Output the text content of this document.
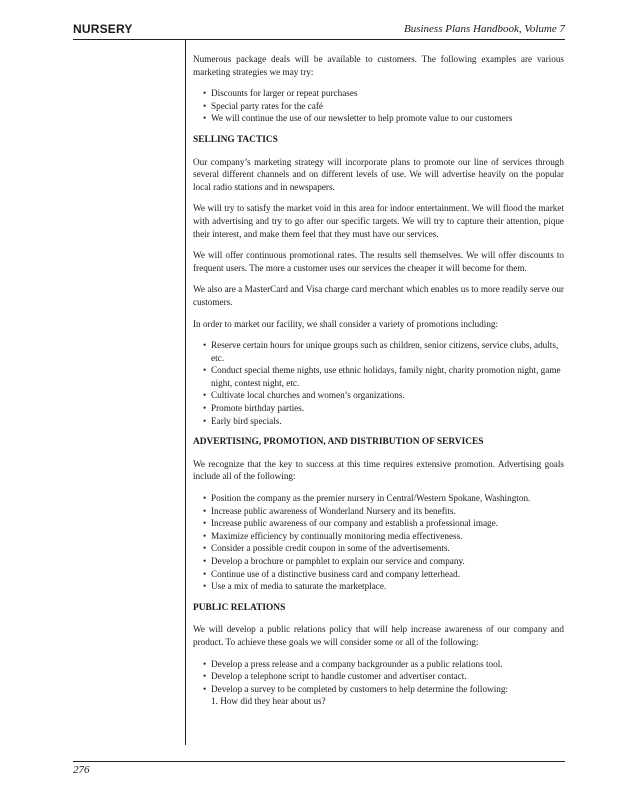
NURSERY	Business Plans Handbook, Volume 7

Numerous package deals will be available to customers. The following examples are various marketing strategies we may try:

• Discounts for larger or repeat purchases
• Special party rates for the café
• We will continue the use of our newsletter to help promote value to our customers
SELLING TACTICS

Our company’s marketing strategy will incorporate plans to promote our line of services through several different channels and on different levels of use. We will advertise heavily on the popular local radio stations and in newspapers.

We will try to satisfy the market void in this area for indoor entertainment. We will flood the market with advertising and try to go after our specific targets. We will try to capture their attention, pique their interest, and make them feel that they must have our services.

We will offer continuous promotional rates. The results sell themselves. We will offer discounts to frequent users. The more a customer uses our services the cheaper it will become for them.

We also are a MasterCard and Visa charge card merchant which enables us to more readily serve our customers.

In order to market our facility, we shall consider a variety of promotions including:

• Reserve certain hours for unique groups such as children, senior citizens, service clubs, adults, etc.
• Conduct special theme nights, use ethnic holidays, family night, charity promotion night, game night, contest night, etc.
• Cultivate local churches and women’s organizations.
• Promote birthday parties.
• Early bird specials.
ADVERTISING, PROMOTION, AND DISTRIBUTION OF SERVICES

We recognize that the key to success at this time requires extensive promotion. Advertising goals include all of the following:

• Position the company as the premier nursery in Central/Western Spokane, Washington.
• Increase public awareness of Wonderland Nursery and its benefits.
• Increase public awareness of our company and establish a professional image.
• Maximize efficiency by continually monitoring media effectiveness.
• Consider a possible credit coupon in some of the advertisements.
• Develop a brochure or pamphlet to explain our service and company.
• Continue use of a distinctive business card and company letterhead.
• Use a mix of media to saturate the marketplace.
PUBLIC RELATIONS

We will develop a public relations policy that will help increase awareness of our company and product. To achieve these goals we will consider some or all of the following:

• Develop a press release and a company backgrounder as a public relations tool.
• Develop a telephone script to handle customer and advertiser contact.
• Develop a survey to be completed by customers to help determine the following:
1. How did they hear about us?
276
